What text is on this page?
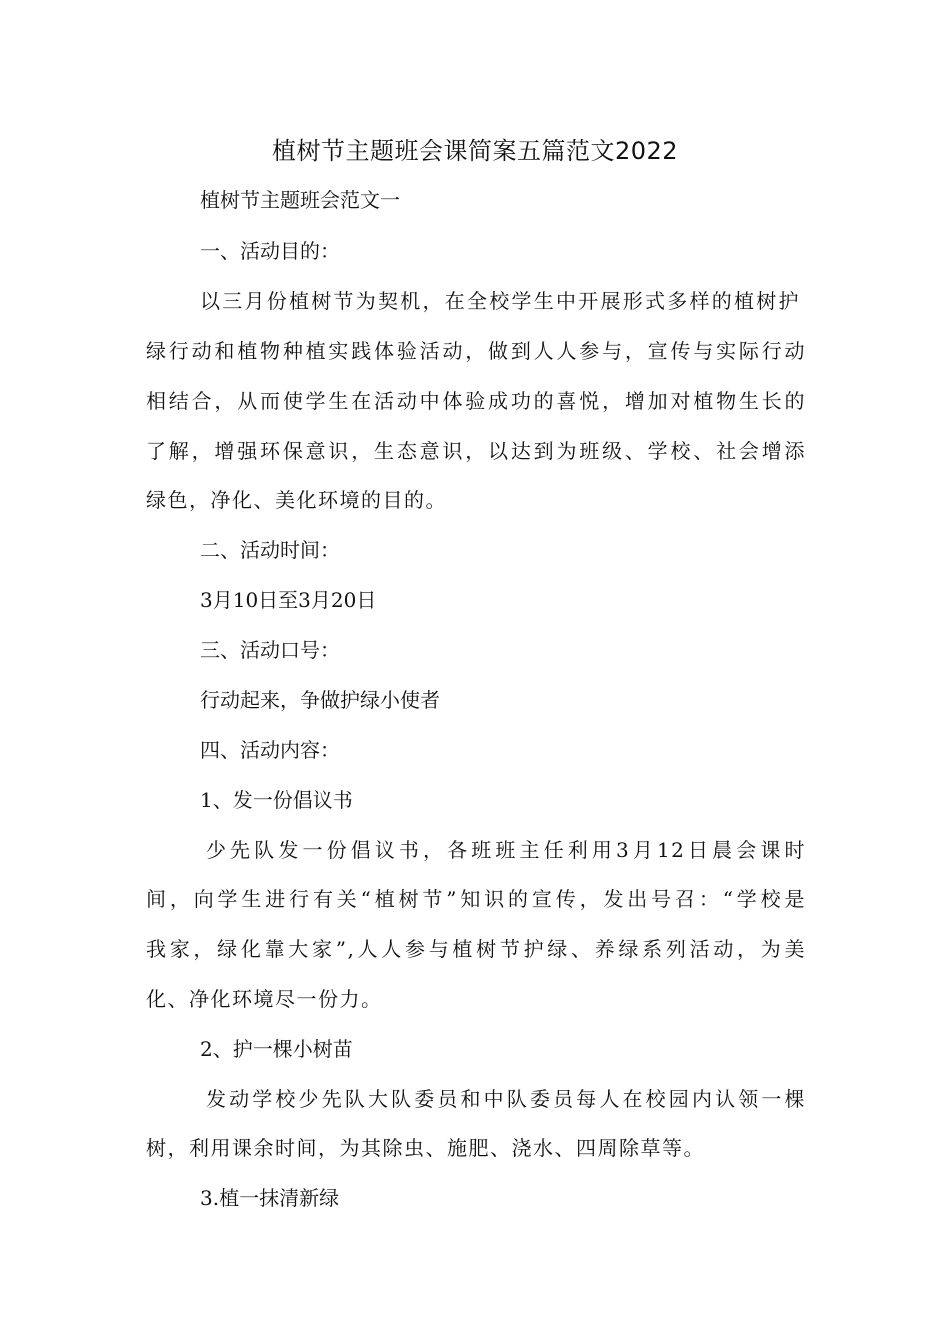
植树节主题班会课简案五篇范文2022

植树节主题班会范文一

一、活动目的：

以三月份植树节为契机，在全校学生中开展形式多样的植树护

绿行动和植物种植实践体验活动，做到人人参与，宣传与实际行动

相结合，从而使学生在活动中体验成功的喜悦，增加对植物生长的

了解，增强环保意识，生态意识，以达到为班级、学校、社会增添

绿色，净化、美化环境的目的。

二、活动时间：

3月10日至3月20日

三、活动口号：

行动起来，争做护绿小使者

四、活动内容：

1、发一份倡议书

少先队发一份倡议书，各班班主任利用3月12日晨会课时

间，向学生进行有关“植树节”知识的宣传，发出号召：“学校是

我家，绿化靠大家”,人人参与植树节护绿、养绿系列活动，为美

化、净化环境尽一份力。

2、护一棵小树苗

发动学校少先队大队委员和中队委员每人在校园内认领一棵

树，利用课余时间，为其除虫、施肥、浇水、四周除草等。

3.植一抹清新绿
